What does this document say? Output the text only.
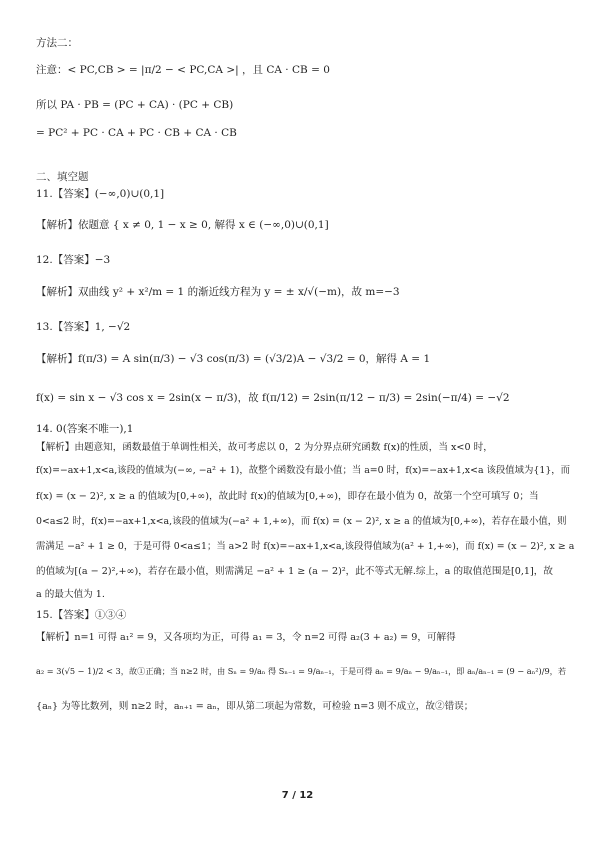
方法二：
注意：< PC,CB > = |π/2 − < PC,CA >| ，且 CA · CB = 0
所以 PA · PB = (PC + CA) · (PC + CB)
= PC² + PC · CA + PC · CB + CA · CB
二、填空题
11.【答案】(−∞,0)∪(0,1]
【解析】依题意 { x ≠ 0, 1 − x ≥ 0, 解得 x ∈ (−∞,0)∪(0,1]
12.【答案】−3
【解析】双曲线 y² + x²/m = 1 的渐近线方程为 y = ± x/√(−m)，故 m=−3
13.【答案】1, −√2
【解析】f(π/3) = A sin(π/3) − √3 cos(π/3) = (√3/2)A − √3/2 = 0，解得 A = 1
f(x) = sin x − √3 cos x = 2sin(x − π/3)，故 f(π/12) = 2sin(π/12 − π/3) = 2sin(−π/4) = −√2
14. 0(答案不唯一),1
【解析】由题意知，函数最值于单调性相关，故可考虑以 0，2 为分界点研究函数 f(x)的性质，当 x<0 时，
f(x)=−ax+1,x<a,该段的值域为(−∞, −a² + 1)，故整个函数没有最小值；当 a=0 时，f(x)=−ax+1,x<a 该段值域为{1}，而
f(x) = (x − 2)², x ≥ a 的值域为[0,+∞)，故此时 f(x)的值域为[0,+∞)，即存在最小值为 0，故第一个空可填写 0；当
0<a≤2 时，f(x)=−ax+1,x<a,该段的值域为(−a² + 1,+∞)，而 f(x) = (x − 2)², x ≥ a 的值域为[0,+∞)，若存在最小值，则
需满足 −a² + 1 ≥ 0，于是可得 0<a≤1；当 a>2 时 f(x)=−ax+1,x<a,该段得值域为(a² + 1,+∞)，而 f(x) = (x − 2)², x ≥ a
的值域为[(a − 2)²,+∞)，若存在最小值，则需满足 −a² + 1 ≥ (a − 2)²，此不等式无解.综上，a 的取值范围是[0,1]，故
a 的最大值为 1.
15.【答案】①③④
【解析】n=1 可得 a₁² = 9，又各项均为正，可得 a₁ = 3，令 n=2 可得 a₂(3 + a₂) = 9，可解得
a₂ = 3(√5 − 1)/2 < 3，故①正确；当 n≥2 时，由 Sₙ = 9/aₙ 得 Sₙ₋₁ = 9/aₙ₋₁，于是可得 aₙ = 9/aₙ − 9/aₙ₋₁，即 aₙ/aₙ₋₁ = (9 − aₙ²)/9，若
{aₙ} 为等比数列，则 n≥2 时，aₙ₊₁ = aₙ，即从第二项起为常数，可检验 n=3 则不成立，故②错误；
7 / 12
